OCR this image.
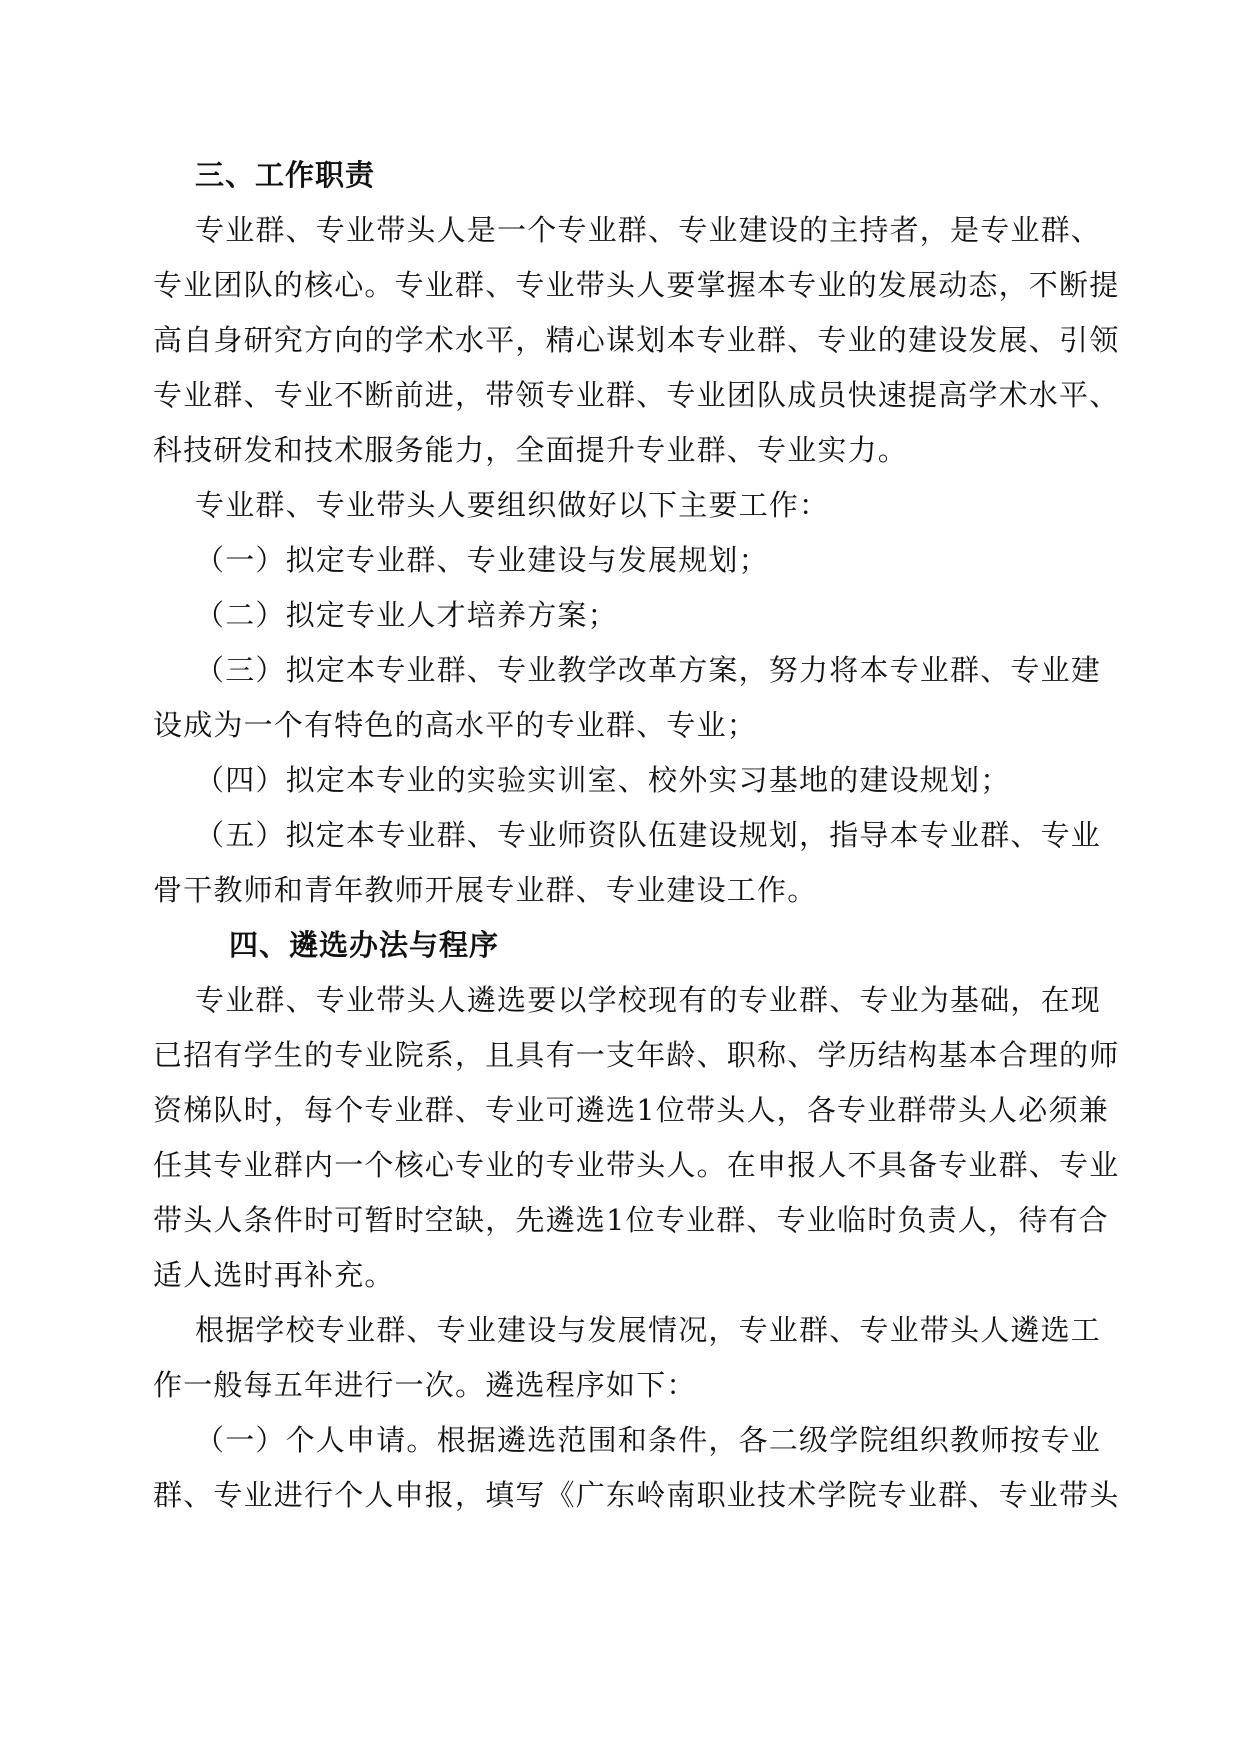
三、工作职责

专业群、专业带头人是一个专业群、专业建设的主持者，是专业群、
专业团队的核心。专业群、专业带头人要掌握本专业的发展动态，不断提
高自身研究方向的学术水平，精心谋划本专业群、专业的建设发展、引领
专业群、专业不断前进，带领专业群、专业团队成员快速提高学术水平、
科技研发和技术服务能力，全面提升专业群、专业实力。
专业群、专业带头人要组织做好以下主要工作：
（一）拟定专业群、专业建设与发展规划；
（二）拟定专业人才培养方案；
（三）拟定本专业群、专业教学改革方案，努力将本专业群、专业建
设成为一个有特色的高水平的专业群、专业；
（四）拟定本专业的实验实训室、校外实习基地的建设规划；
（五）拟定本专业群、专业师资队伍建设规划，指导本专业群、专业
骨干教师和青年教师开展专业群、专业建设工作。

四、遴选办法与程序

专业群、专业带头人遴选要以学校现有的专业群、专业为基础，在现
已招有学生的专业院系，且具有一支年龄、职称、学历结构基本合理的师
资梯队时，每个专业群、专业可遴选1位带头人，各专业群带头人必须兼
任其专业群内一个核心专业的专业带头人。在申报人不具备专业群、专业
带头人条件时可暂时空缺，先遴选1位专业群、专业临时负责人，待有合
适人选时再补充。
根据学校专业群、专业建设与发展情况，专业群、专业带头人遴选工
作一般每五年进行一次。遴选程序如下：
（一）个人申请。根据遴选范围和条件，各二级学院组织教师按专业
群、专业进行个人申报，填写《广东岭南职业技术学院专业群、专业带头
